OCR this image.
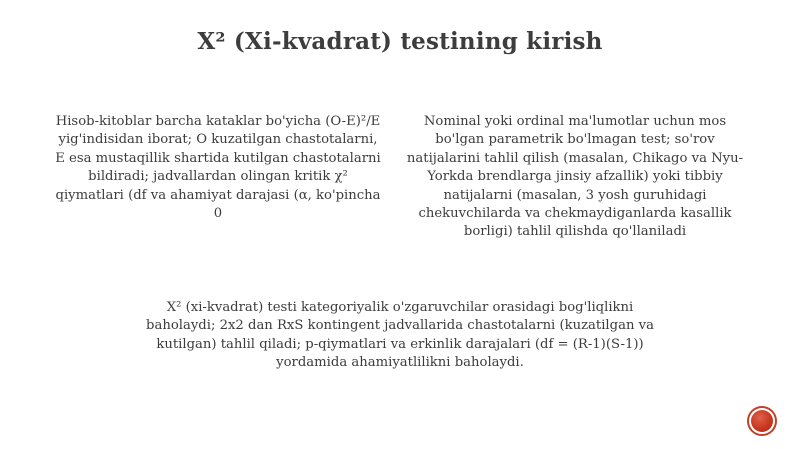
X² (Xi-kvadrat) testining kirish
Hisob-kitoblar barcha kataklar bo'yicha (O-E)²/E yig'indisidan iborat; O kuzatilgan chastotalarni, E esa mustaqillik shartida kutilgan chastotalarni bildiradi; jadvallardan olingan kritik χ² qiymatlari (df va ahamiyat darajasi (α, ko'pincha 0
Nominal yoki ordinal ma'lumotlar uchun mos bo'lgan parametrik bo'lmagan test; so'rov natijalarini tahlil qilish (masalan, Chikago va Nyu-Yorkda brendlarga jinsiy afzallik) yoki tibbiy natijalarni (masalan, 3 yosh guruhidagi chekuvchilarda va chekmaydiganlarda kasallik borligi) tahlil qilishda qo'llaniladi
X² (xi-kvadrat) testi kategoriyalik o'zgaruvchilar orasidagi bog'liqlikni baholaydi; 2x2 dan RxS kontingent jadvallarida chastotalarni (kuzatilgan va kutilgan) tahlil qiladi; p-qiymatlari va erkinlik darajalari (df = (R-1)(S-1)) yordamida ahamiyatlilikni baholaydi.
